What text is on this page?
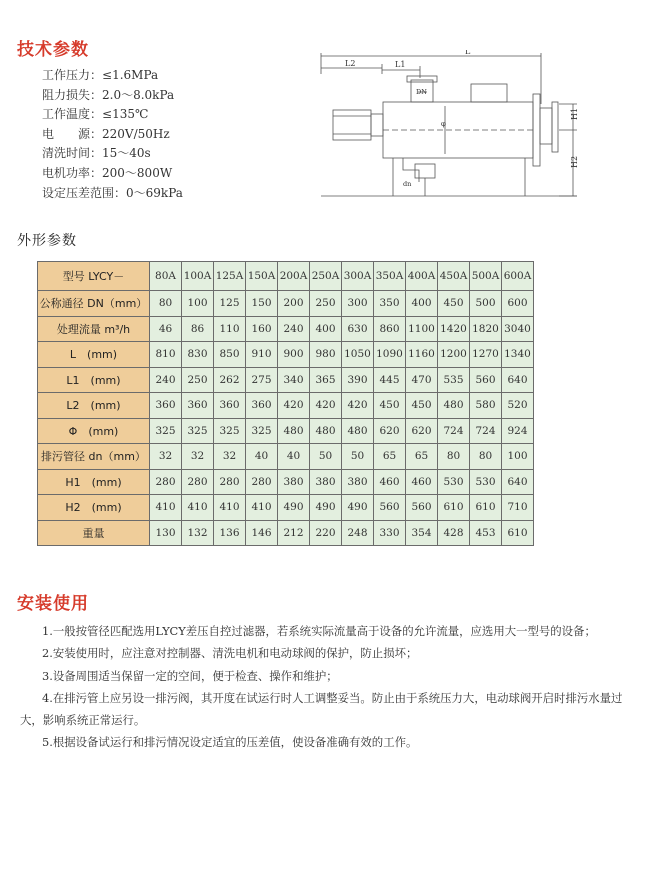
技术参数
工作压力：≤1.6MPa
阻力损失：2.0～8.0kPa
工作温度：≤135℃
电　　源：220V/50Hz
清洗时间：15～40s
电机功率：200～800W
设定压差范围：0～69kPa
L
L2	L1
DN
φ
H1
H2
dn
外形参数
型号 LYCY－	80A	100A	125A	150A	200A	250A	300A	350A	400A	450A	500A	600A
公称通径 DN（mm）	80	100	125	150	200	250	300	350	400	450	500	600
处理流量 m³/h	46	86	110	160	240	400	630	860	1100	1420	1820	3040
L　(mm)	810	830	850	910	900	980	1050	1090	1160	1200	1270	1340
L1　(mm)	240	250	262	275	340	365	390	445	470	535	560	640
L2　(mm)	360	360	360	360	420	420	420	450	450	480	580	520
Φ　(mm)	325	325	325	325	480	480	480	620	620	724	724	924
排污管径 dn（mm）	32	32	32	40	40	50	50	65	65	80	80	100
H1　(mm)	280	280	280	280	380	380	380	460	460	530	530	640
H2　(mm)	410	410	410	410	490	490	490	560	560	610	610	710
重量	130	132	136	146	212	220	248	330	354	428	453	610
安装使用

1.一般按管径匹配选用LYCY差压自控过滤器，若系统实际流量高于设备的允许流量，应选用大一型号的设备；

2.安装使用时，应注意对控制器、清洗电机和电动球阀的保护，防止损坏；

3.设备周围适当保留一定的空间，便于检查、操作和维护；

4.在排污管上应另设一排污阀，其开度在试运行时人工调整妥当。防止由于系统压力大，电动球阀开启时排污水量过大，影响系统正常运行。

5.根据设备试运行和排污情况设定适宜的压差值，使设备准确有效的工作。
